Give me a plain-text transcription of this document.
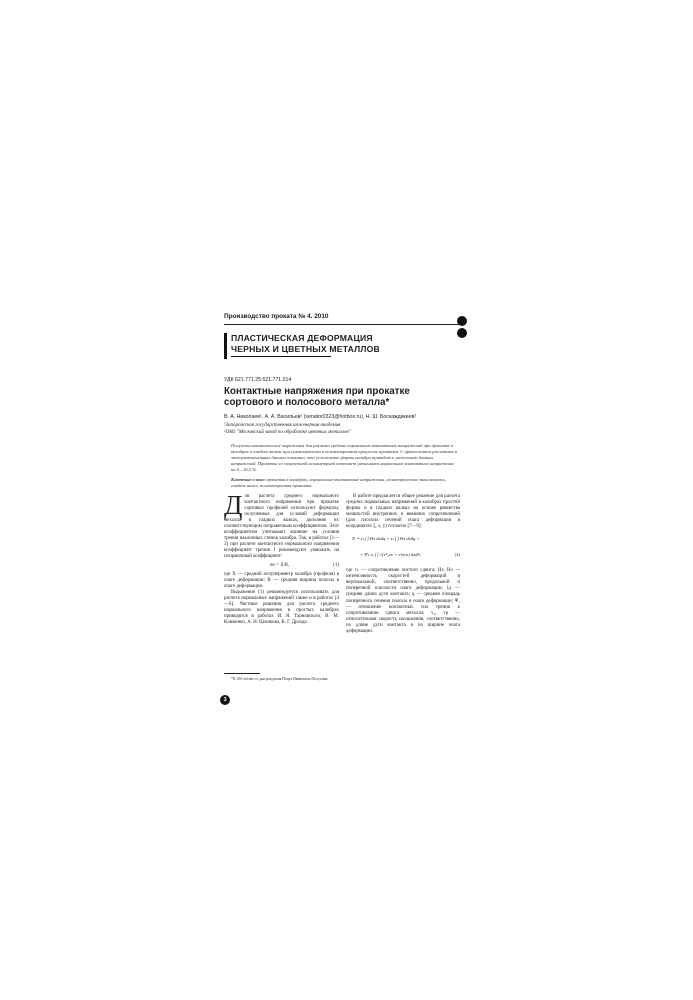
Производство проката № 4. 2010
ПЛАСТИЧЕСКАЯ ДЕФОРМАЦИЯ
ЧЕРНЫХ И ЦВЕТНЫХ МЕТАЛЛОВ
УДК 621.771.25:621.771.014
Контактные напряжения при прокатке сортового и полосового металла*
В. А. Николаев¹, А. А. Васильев¹ (senator0323@hotbox.ru), Н. Ш. Боскаждикиев²
¹Запорожская государственная инженерная академия
²ОАО "Московский завод по обработке цветных металлов"
Получены аналитические выражения для расчета средних нормальных контактных напряжений при прокатке в калибрах и гладких валках при симметричном и асимметричном процессах прокатки. С привлечением расчетных и экспериментальных данных показано, что усложнение формы калибра приводит к увеличению данных напряжений. Прокатка со скоростной асимметрией позволяет уменьшить нормальное контактное напряжение на 5—16,5 %.
Ключевые слова: прокатка в калибрах, нормальные контактные напряжения, геометрические зависимости, гладкие валки, асимметричная прокатка.

Д ля расчета среднего нормального контактного напряжения при прокатке сортовых профилей используют формулы, полученные для условий деформации металла в гладких валках, дополняя их соответствующим поправочным коэффициентом. Этот коэффициентом учитывают влияние на условия трения наклонных стенок калибра. Так, в работах [1—3] при расчете контактного нормального напряжения коэффициент трения f рекомендуют умножать на поправочный коэффициент:

nв = X/B,	(1)

где X — средний полупериметр калибра (профиля) в очаге деформации; B — средняя ширина полосы в очаге деформации.

Выражение (1) рекомендуется использовать для расчета нормальных напряжений также и в работах [4—6]. Частные решения для расчета среднего нормального напряжения в простых калибрах приводятся в работах И. Я. Тарновского, В. М. Клименко, А. И. Целикова, В. Г. Дрозда.

В работе предлагается общее решение для расчета средних нормальных напряжений в калибрах простой формы и в гладких валках на основе равенства мощностей внутренних и внешних сопротивлений (для плоских сечений очага деформации в координатах ξ, x, y) согласно [7—9]:

N = τₛ ∫ ∫ Hэ dxdq + τₛ ∫ ∫ Hэ dxdq +
+ Ψₛ τₛ ∫ ∫ √(v²₂ск + v²ρск) dxdS,	(2)

где τₛ — сопротивление чистого сдвига; Hэ, Hэ — интенсивность скоростей деформаций в вертикальной, соответственно, продольной и поперечной плоскости очага деформации; lд — средняя длина дуги контакта; q — средняя площадь поперечного сечения полосы в очаге деформации; Ψ₁ — отношение контактных сил трения к сопротивлению сдвига металла; v₂, vρ — относительная скорость скольжения, соответственно, по длине дуги контакта и по ширине очага деформации.

*К 100-летию со дня рождения Петра Ивановича Полухина.
3
